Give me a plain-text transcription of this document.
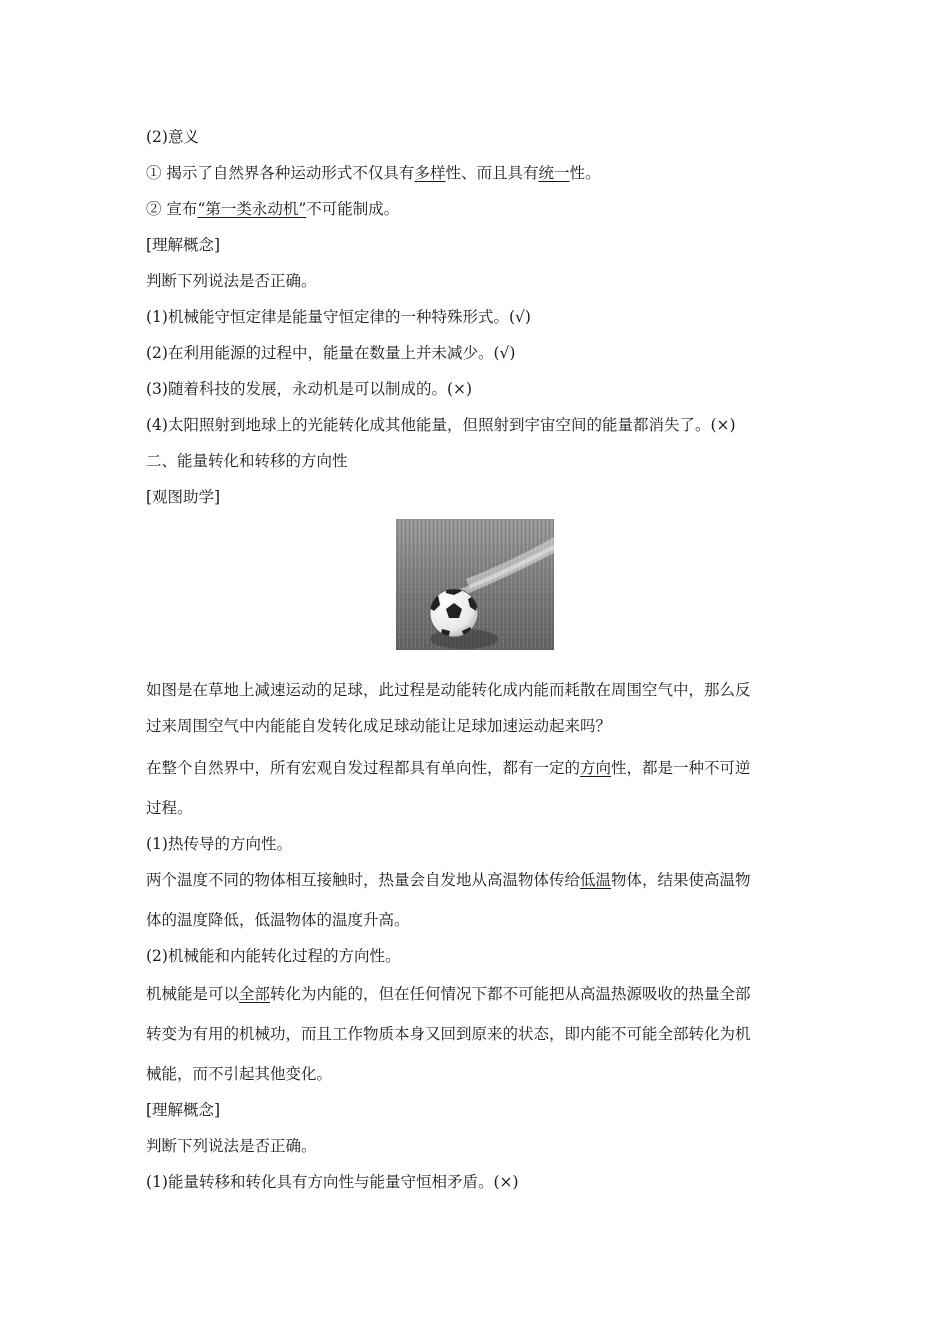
(2)意义
① 揭示了自然界各种运动形式不仅具有多样性、而且具有统一性。
② 宣布“第一类永动机”不可能制成。
[理解概念]
判断下列说法是否正确。
(1)机械能守恒定律是能量守恒定律的一种特殊形式。(√)
(2)在利用能源的过程中，能量在数量上并未减少。(√)
(3)随着科技的发展，永动机是可以制成的。(×)
(4)太阳照射到地球上的光能转化成其他能量，但照射到宇宙空间的能量都消失了。(×)
二、能量转化和转移的方向性
[观图助学]
如图是在草地上减速运动的足球，此过程是动能转化成内能而耗散在周围空气中，那么反
过来周围空气中内能能自发转化成足球动能让足球加速运动起来吗？
在整个自然界中，所有宏观自发过程都具有单向性，都有一定的方向性，都是一种不可逆
过程。
(1)热传导的方向性。
两个温度不同的物体相互接触时，热量会自发地从高温物体传给低温物体，结果使高温物
体的温度降低，低温物体的温度升高。
(2)机械能和内能转化过程的方向性。
机械能是可以全部转化为内能的，但在任何情况下都不可能把从高温热源吸收的热量全部
转变为有用的机械功，而且工作物质本身又回到原来的状态，即内能不可能全部转化为机
械能，而不引起其他变化。
[理解概念]
判断下列说法是否正确。
(1)能量转移和转化具有方向性与能量守恒相矛盾。(×)
